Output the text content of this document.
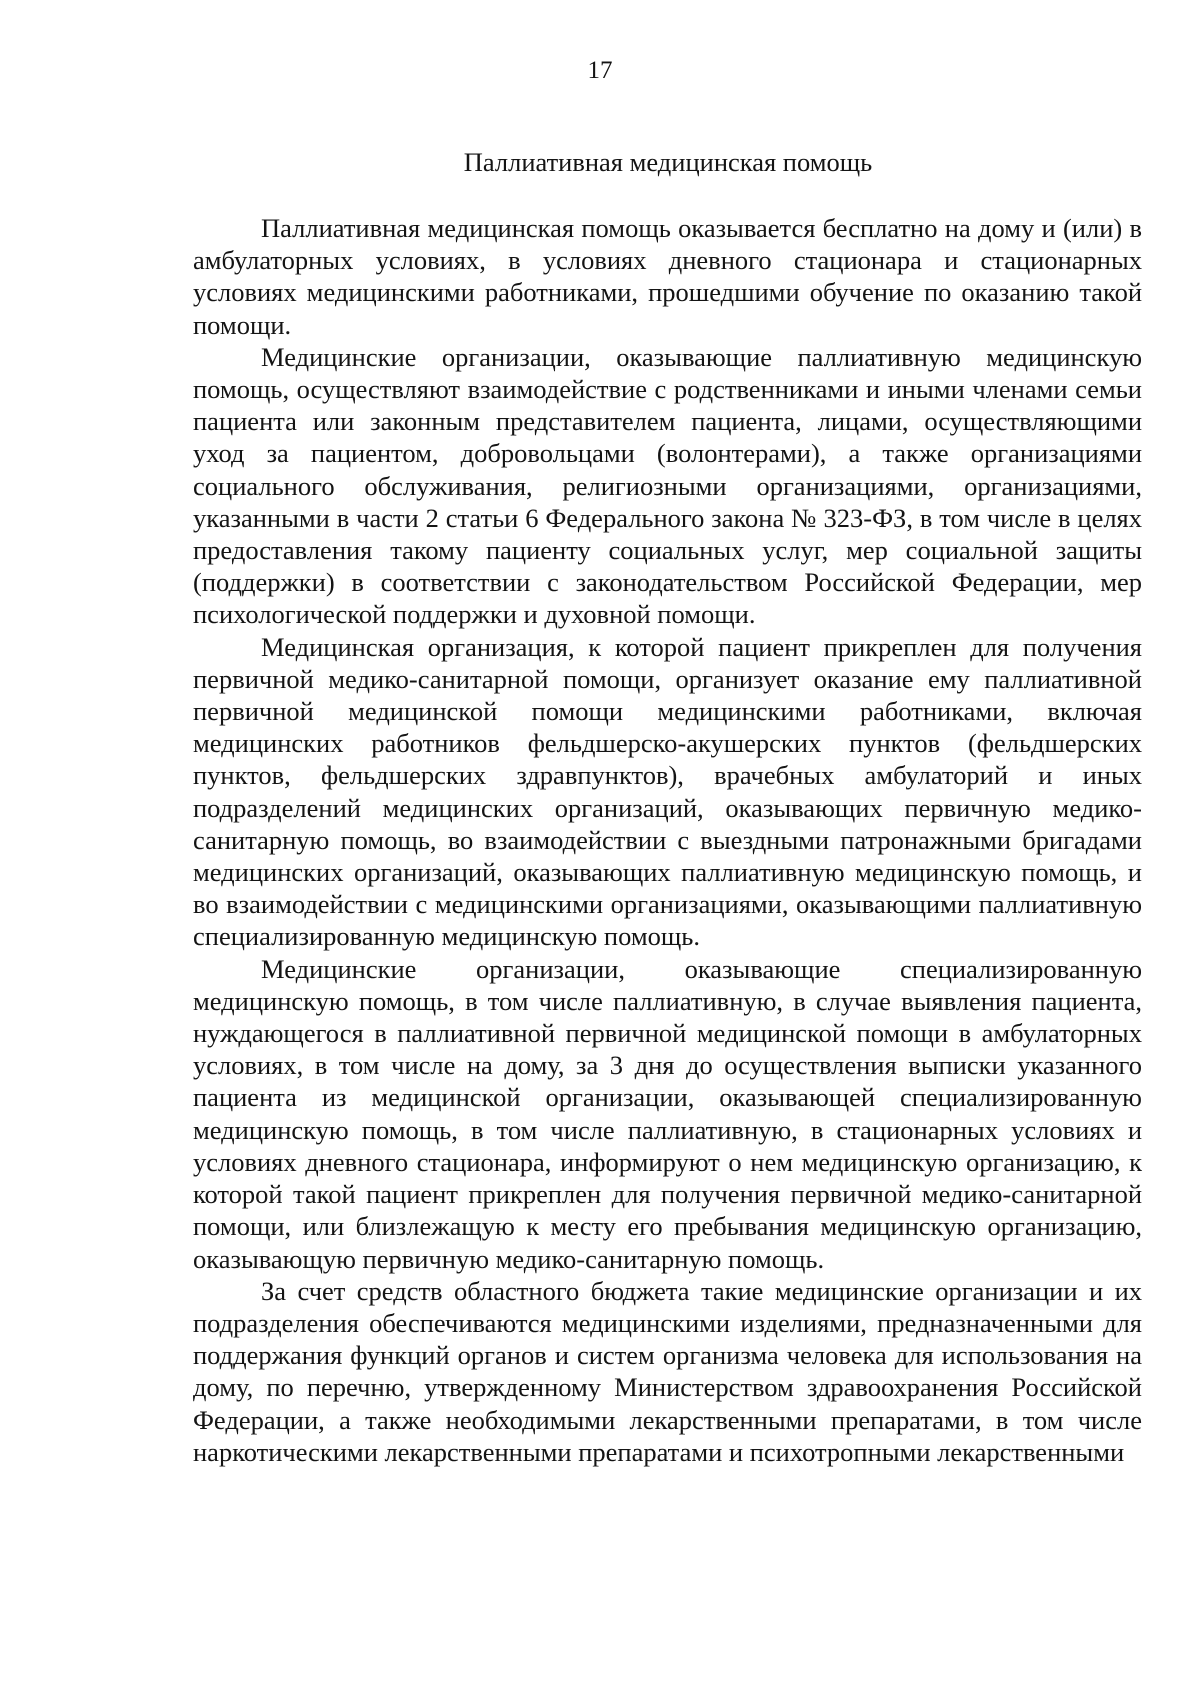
17
Паллиативная медицинская помощь

Паллиативная медицинская помощь оказывается бесплатно на дому и (или) в амбулаторных условиях, в условиях дневного стационара и стационарных условиях медицинскими работниками, прошедшими обучение по оказанию такой помощи.

Медицинские организации, оказывающие паллиативную медицинскую помощь, осуществляют взаимодействие с родственниками и иными членами семьи пациента или законным представителем пациента, лицами, осуществляющими уход за пациентом, добровольцами (волонтерами), а также организациями социального обслуживания, религиозными организациями, организациями, указанными в части 2 статьи 6 Федерального закона № 323-ФЗ, в том числе в целях предоставления такому пациенту социальных услуг, мер социальной защиты (поддержки) в соответствии с законодательством Российской Федерации, мер психологической поддержки и духовной помощи.

Медицинская организация, к которой пациент прикреплен для получения первичной медико-санитарной помощи, организует оказание ему паллиативной первичной медицинской помощи медицинскими работниками, включая медицинских работников фельдшерско-акушерских пунктов (фельдшерских пунктов, фельдшерских здравпунктов), врачебных амбулаторий и иных подразделений медицинских организаций, оказывающих первичную медико-санитарную помощь, во взаимодействии с выездными патронажными бригадами медицинских организаций, оказывающих паллиативную медицинскую помощь, и во взаимодействии с медицинскими организациями, оказывающими паллиативную специализированную медицинскую помощь.

Медицинские организации, оказывающие специализированную медицинскую помощь, в том числе паллиативную, в случае выявления пациента, нуждающегося в паллиативной первичной медицинской помощи в амбулаторных условиях, в том числе на дому, за 3 дня до осуществления выписки указанного пациента из медицинской организации, оказывающей специализированную медицинскую помощь, в том числе паллиативную, в стационарных условиях и условиях дневного стационара, информируют о нем медицинскую организацию, к которой такой пациент прикреплен для получения первичной медико-санитарной помощи, или близлежащую к месту его пребывания медицинскую организацию, оказывающую первичную медико-санитарную помощь.

За счет средств областного бюджета такие медицинские организации и их подразделения обеспечиваются медицинскими изделиями, предназначенными для поддержания функций органов и систем организма человека для использования на дому, по перечню, утвержденному Министерством здравоохранения Российской Федерации, а также необходимыми лекарственными препаратами, в том числе наркотическими лекарственными препаратами и психотропными лекарственными
